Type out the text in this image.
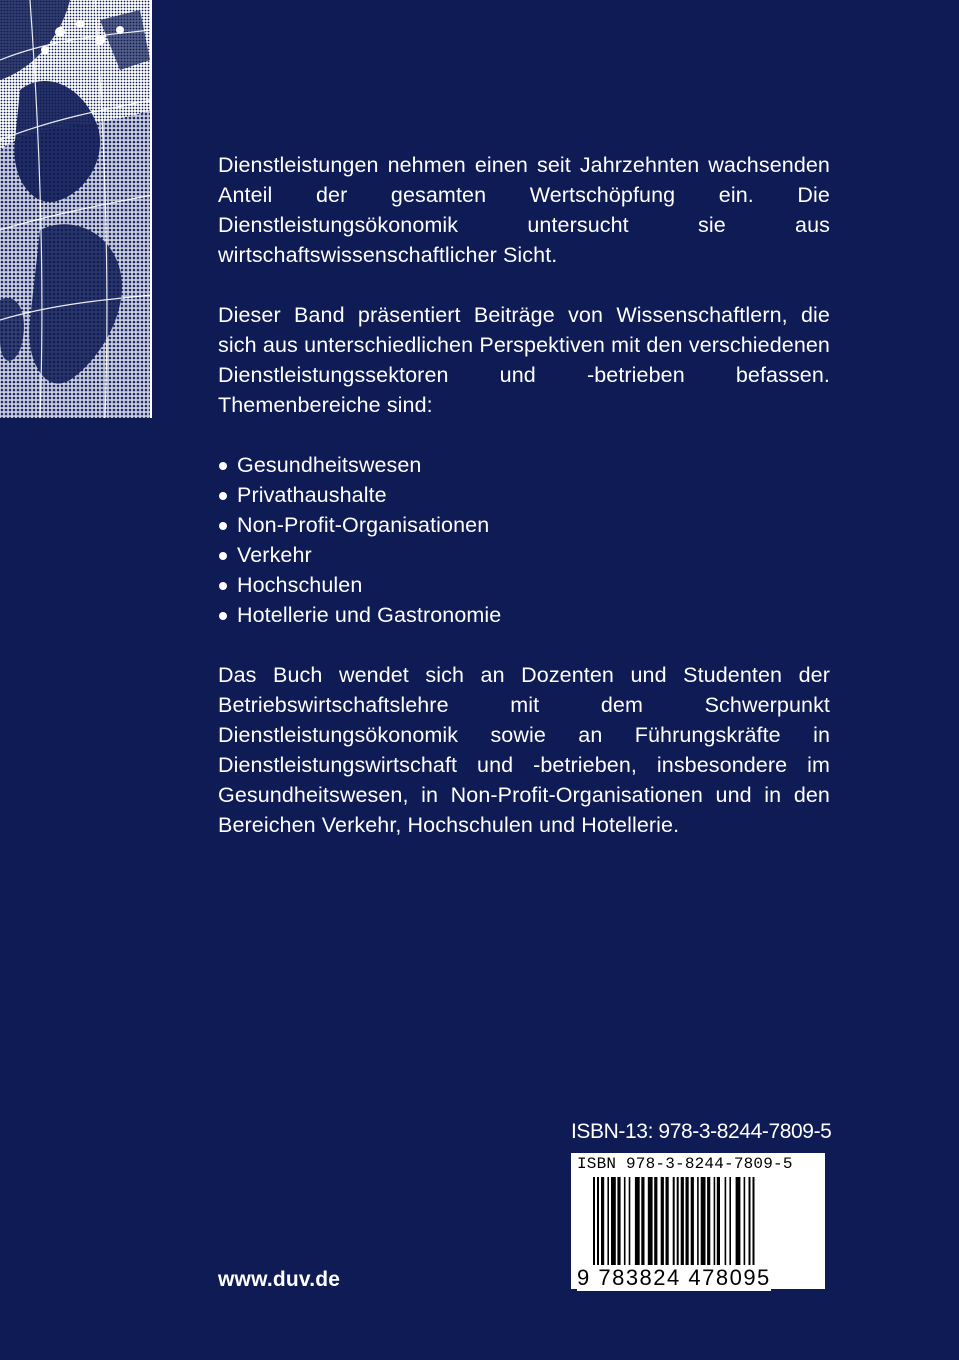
Dienstleistungen nehmen einen seit Jahrzehnten wachsenden Anteil der gesamten Wertschöpfung ein. Die Dienstleistungsökonomik untersucht sie aus wirtschaftswissenschaftlicher Sicht.

Dieser Band präsentiert Beiträge von Wissenschaftlern, die sich aus unterschiedlichen Perspektiven mit den verschiedenen Dienstleistungssektoren und -betrieben befassen. Themenbereiche sind:

Gesundheitswesen
Privathaushalte
Non-Profit-Organisationen
Verkehr
Hochschulen
Hotellerie und Gastronomie

Das Buch wendet sich an Dozenten und Studenten der Betriebswirtschaftslehre mit dem Schwerpunkt Dienstleistungsökonomik sowie an Führungskräfte in Dienstleistungswirtschaft und -betrieben, insbesondere im Gesundheitswesen, in Non-Profit-Organisationen und in den Bereichen Verkehr, Hochschulen und Hotellerie.

ISBN-13: 978-3-8244-7809-5
ISBN 978-3-8244-7809-5
9 783824 478095
www.duv.de
